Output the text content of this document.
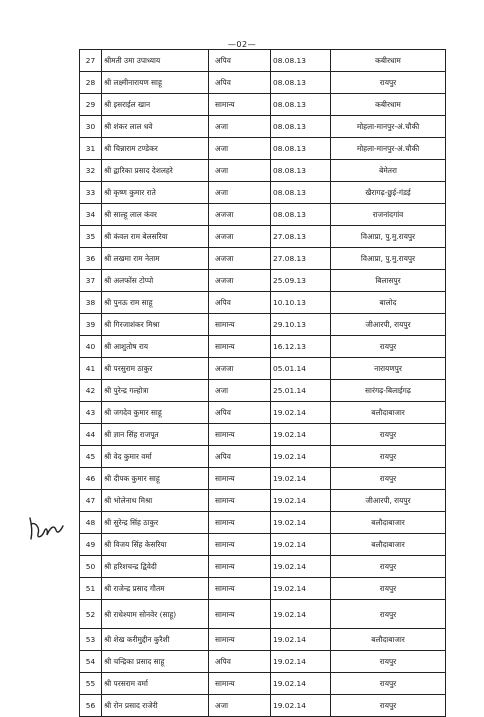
—02—
27	श्रीमती उमा उपाध्याय	अपिव	08.08.13	कबीरधाम
28	श्री लक्ष्मीनारायण साहू	अपिव	08.08.13	रायपुर
29	श्री इसराईल खान	सामान्य	08.08.13	कबीरधाम
30	श्री शंकर लाल धवे	अजा	08.08.13	मोहला-मानपुर-अं.चौकी
31	श्री चिन्नाराम टण्डेकर	अजा	08.08.13	मोहला-मानपुर-अं.चौकी
32	श्री द्वारिका प्रसाद देशलहरे	अजा	08.08.13	बेमेतरा
33	श्री कृष्ण कुमार राते	अजा	08.08.13	खैरागढ़-छुई-गंडई
34	श्री साल्हू लाल कंवर	अजजा	08.08.13	राजनांदगांव
35	श्री कंवल राम बेलसरिया	अजजा	27.08.13	विआप्रा, पु.मु.रायपुर
36	श्री लखमा राम नेताम	अजजा	27.08.13	विआप्रा, पु.मु.रायपुर
37	श्री अलफोंस टोप्पो	अजजा	25.09.13	बिलासपुर
38	श्री पुनऊ राम साहू	अपिव	10.10.13	बालोद
39	श्री गिरजाशंकर मिश्रा	सामान्य	29.10.13	जीआरपी, रायपुर
40	श्री आशुतोष राय	सामान्य	16.12.13	रायपुर
41	श्री परसुराम ठाकुर	अजजा	05.01.14	नारायणपुर
42	श्री पुरेन्द्र गल्होत्रा	अजा	25.01.14	सारंगढ़-बिलाईगढ़
43	श्री जगदेव कुमार साहू	अपिव	19.02.14	बलौदाबाजार
44	श्री ज्ञान सिंह राजपूत	सामान्य	19.02.14	रायपुर
45	श्री वेद कुमार वर्मा	अपिव	19.02.14	रायपुर
46	श्री दीपक कुमार साहू	सामान्य	19.02.14	रायपुर
47	श्री भोलेनाथ मिश्रा	सामान्य	19.02.14	जीआरपी, रायपुर
48	श्री सुरेन्द्र सिंह ठाकुर	सामान्य	19.02.14	बलौदाबाजार
49	श्री विजय सिंह केसरिया	सामान्य	19.02.14	बलौदाबाजार
50	श्री हरिशचन्द्र द्विवेदी	सामान्य	19.02.14	रायपुर
51	श्री राजेन्द्र प्रसाद गौतम	सामान्य	19.02.14	रायपुर
52	श्री राधेश्याम सोनवेर (साहू)	सामान्य	19.02.14	रायपुर
53	श्री शेख करीमुद्दीन कुरैशी	सामान्य	19.02.14	बलौदाबाजार
54	श्री चन्द्रिका प्रसाद साहू	अपिव	19.02.14	रायपुर
55	श्री परसराम वर्मा	सामान्य	19.02.14	रायपुर
56	श्री रोन प्रसाद राजेरी	अजा	19.02.14	रायपुर
